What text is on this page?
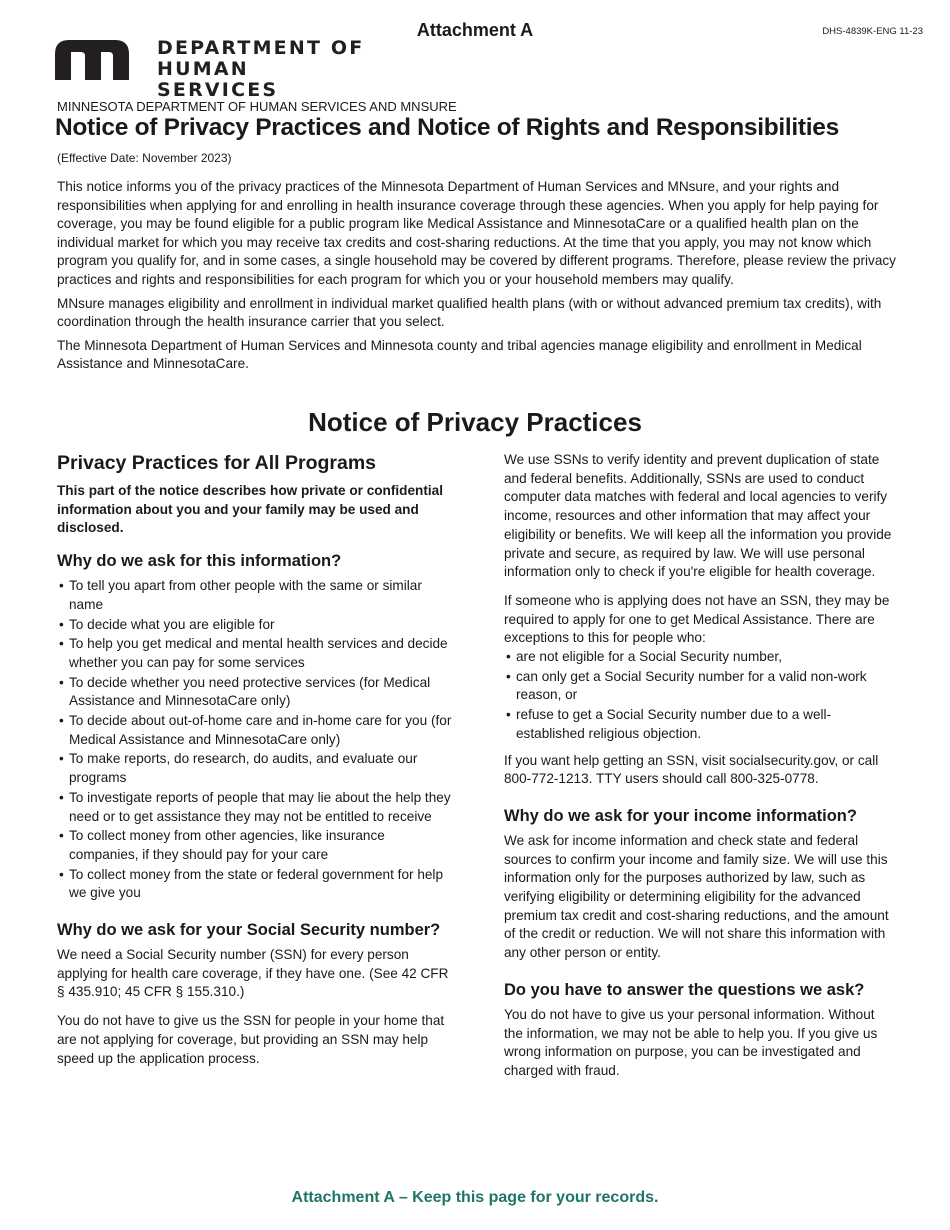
DEPARTMENT OF
HUMAN SERVICES
Attachment A	DHS-4839K-ENG 11-23
MINNESOTA DEPARTMENT OF HUMAN SERVICES AND MNSURE
Notice of Privacy Practices and Notice of Rights and Responsibilities
(Effective Date: November 2023)

This notice informs you of the privacy practices of the Minnesota Department of Human Services and MNsure, and your rights and responsibilities when applying for and enrolling in health insurance coverage through these agencies. When you apply for help paying for coverage, you may be found eligible for a public program like Medical Assistance and MinnesotaCare or a qualified health plan on the individual market for which you may receive tax credits and cost-sharing reductions. At the time that you apply, you may not know which program you qualify for, and in some cases, a single household may be covered by different programs. Therefore, please review the privacy practices and rights and responsibilities for each program for which you or your household members may qualify.

MNsure manages eligibility and enrollment in individual market qualified health plans (with or without advanced premium tax credits), with coordination through the health insurance carrier that you select.

The Minnesota Department of Human Services and Minnesota county and tribal agencies manage eligibility and enrollment in Medical Assistance and MinnesotaCare.

Notice of Privacy Practices
Privacy Practices for All Programs

This part of the notice describes how private or confidential information about you and your family may be used and disclosed.

Why do we ask for this information?
• To tell you apart from other people with the same or similar name
• To decide what you are eligible for
• To help you get medical and mental health services and decide whether you can pay for some services
• To decide whether you need protective services (for Medical Assistance and MinnesotaCare only)
• To decide about out-of-home care and in-home care for you (for Medical Assistance and MinnesotaCare only)
• To make reports, do research, do audits, and evaluate our programs
• To investigate reports of people that may lie about the help they need or to get assistance they may not be entitled to receive
• To collect money from other agencies, like insurance companies, if they should pay for your care
• To collect money from the state or federal government for help we give you
Why do we ask for your Social Security number?

We need a Social Security number (SSN) for every person applying for health care coverage, if they have one. (See 42 CFR § 435.910; 45 CFR § 155.310.)

You do not have to give us the SSN for people in your home that are not applying for coverage, but providing an SSN may help speed up the application process.

We use SSNs to verify identity and prevent duplication of state and federal benefits. Additionally, SSNs are used to conduct computer data matches with federal and local agencies to verify income, resources and other information that may affect your eligibility or benefits. We will keep all the information you provide private and secure, as required by law. We will use personal information only to check if you're eligible for health coverage.

If someone who is applying does not have an SSN, they may be required to apply for one to get Medical Assistance. There are exceptions to this for people who:

• are not eligible for a Social Security number,
• can only get a Social Security number for a valid non-work reason, or
• refuse to get a Social Security number due to a well-established religious objection.

If you want help getting an SSN, visit socialsecurity.gov, or call 800-772-1213. TTY users should call 800-325-0778.

Why do we ask for your income information?

We ask for income information and check state and federal sources to confirm your income and family size. We will use this information only for the purposes authorized by law, such as verifying eligibility or determining eligibility for the advanced premium tax credit and cost-sharing reductions, and the amount of the credit or reduction. We will not share this information with any other person or entity.

Do you have to answer the questions we ask?

You do not have to give us your personal information. Without the information, we may not be able to help you. If you give us wrong information on purpose, you can be investigated and charged with fraud.

Attachment A – Keep this page for your records.
